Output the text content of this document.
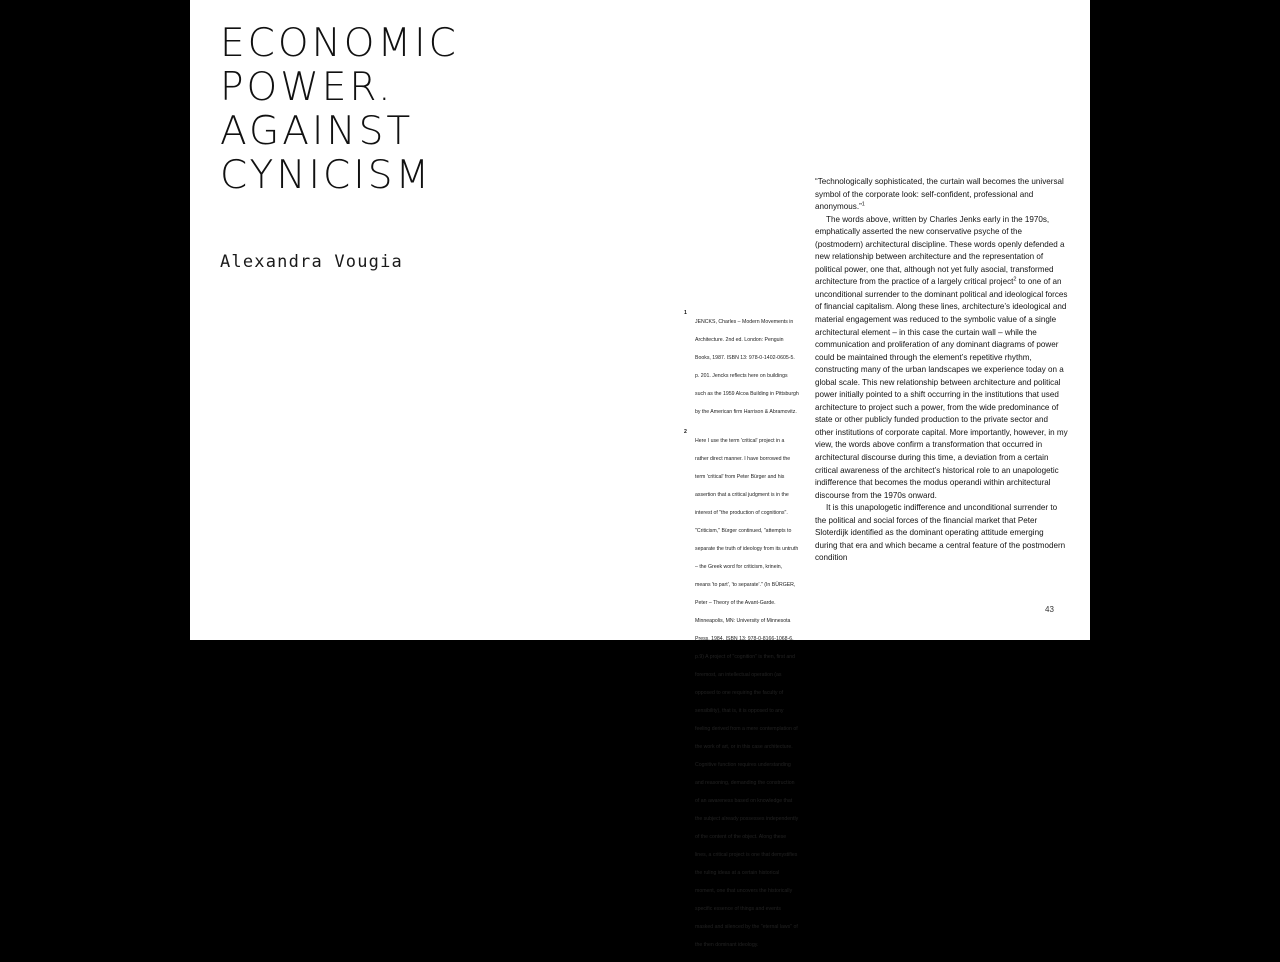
ECONOMIC
POWER.
AGAINST
CYNICISM
Alexandra Vougia
1
JENCKS, Charles – Modern Movements in Architecture. 2nd ed. London: Penguin Books, 1987. ISBN 13: 978-0-1402-0605-5. p. 201. Jencks reflects here on buildings such as the 1959 Alcoa Building in Pittsburgh by the American firm Harrison & Abramovitz.
2
Here I use the term 'critical' project in a rather direct manner. I have borrowed the term 'critical' from Peter Bürger and his assertion that a critical judgment is in the interest of "the production of cognitions". "Criticism," Bürger continued, "attempts to separate the truth of ideology from its untruth – the Greek word for criticism, krinein, means 'to part', 'to separate'." (In BÜRGER, Peter – Theory of the Avant-Garde. Minneapolis, MN: University of Minnesota Press, 1984. ISBN 13: 978-0-8166-1068-6. p.9) A project of "cognition" is then, first and foremost, an intellectual operation (as opposed to one requiring the faculty of sensibility), that is, it is opposed to any feeling derived from a mere contemplation of the work of art, or in this case architecture. Cognitive function requires understanding and reasoning, demanding the construction of an awareness based on knowledge that the subject already possesses independently of the content of the object. Along these lines, a critical project is one that demystifies the ruling ideas at a certain historical moment, one that uncovers the historically specific essence of things and events masked and silenced by the "eternal laws" of the then dominant ideology.

“Technologically sophisticated, the curtain wall becomes the universal symbol of the corporate look: self-confident, professional and anonymous.”$^1$

The words above, written by Charles Jenks early in the 1970s, emphatically asserted the new conservative psyche of the (postmodern) architectural discipline. These words openly defended a new relationship between architecture and the representation of political power, one that, although not yet fully asocial, transformed architecture from the practice of a largely critical project$^2$ to one of an unconditional surrender to the dominant political and ideological forces of financial capitalism. Along these lines, architecture’s ideological and material engagement was reduced to the symbolic value of a single architectural element – in this case the curtain wall – while the communication and proliferation of any dominant diagrams of power could be maintained through the element’s repetitive rhythm, constructing many of the urban landscapes we experience today on a global scale. This new relationship between architecture and political power initially pointed to a shift occurring in the institutions that used architecture to project such a power, from the wide predominance of state or other publicly funded production to the private sector and other institutions of corporate capital. More importantly, however, in my view, the words above confirm a transformation that occurred in architectural discourse during this time, a deviation from a certain critical awareness of the architect’s historical role to an unapologetic indifference that becomes the modus operandi within architectural discourse from the 1970s onward.

It is this unapologetic indifference and unconditional surrender to the political and social forces of the financial market that Peter Sloterdijk identified as the dominant operating attitude emerging during that era and which became a central feature of the postmodern condition

43
